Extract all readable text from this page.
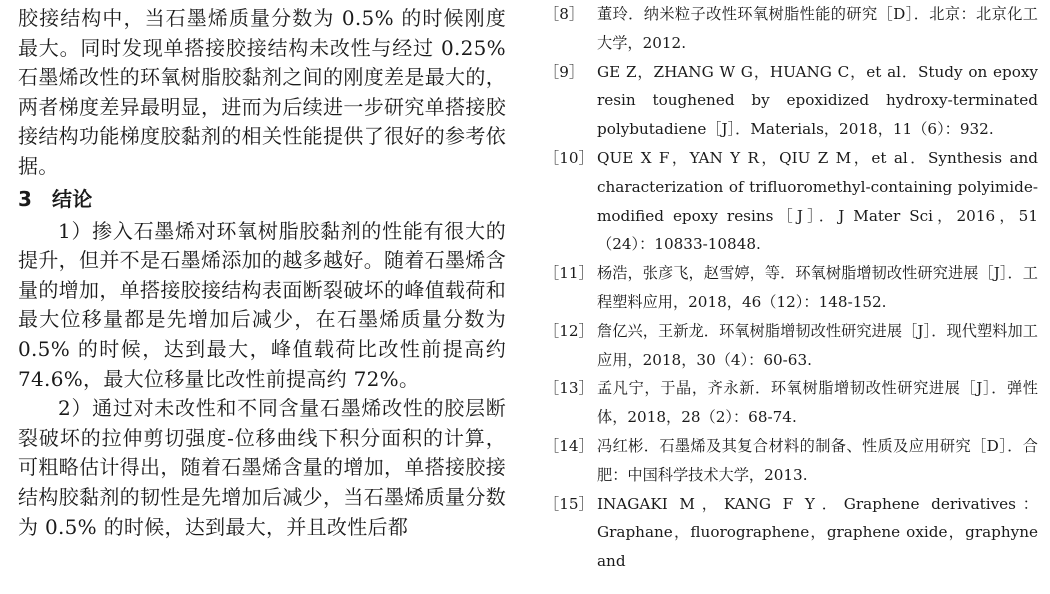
胶接结构中，当石墨烯质量分数为 0.5% 的时候刚度最大。同时发现单搭接胶接结构未改性与经过 0.25% 石墨烯改性的环氧树脂胶黏剂之间的刚度差是最大的，两者梯度差异最明显，进而为后续进一步研究单搭接胶接结构功能梯度胶黏剂的相关性能提供了很好的参考依据。

3 结论

1）掺入石墨烯对环氧树脂胶黏剂的性能有很大的提升，但并不是石墨烯添加的越多越好。随着石墨烯含量的增加，单搭接胶接结构表面断裂破坏的峰值载荷和最大位移量都是先增加后减少，在石墨烯质量分数为 0.5% 的时候，达到最大，峰值载荷比改性前提高约 74.6%，最大位移量比改性前提高约 72%。

2）通过对未改性和不同含量石墨烯改性的胶层断裂破坏的拉伸剪切强度-位移曲线下积分面积的计算，可粗略估计得出，随着石墨烯含量的增加，单搭接胶接结构胶黏剂的韧性是先增加后减少，当石墨烯质量分数为 0.5% 的时候，达到最大，并且改性后都

［8］ 董玲．纳米粒子改性环氧树脂性能的研究［D］．北京：北京化工大学，2012.
［9］ GE Z，ZHANG W G，HUANG C，et al．Study on epoxy resin toughened by epoxidized hydroxy-terminated polybutadiene［J］．Materials，2018，11（6）：932.
［10］ QUE X F，YAN Y R，QIU Z M，et al．Synthesis and characterization of trifluoromethyl-containing polyimide-modified epoxy resins［J］．J Mater Sci，2016，51（24）：10833-10848.
［11］ 杨浩，张彦飞，赵雪婷，等．环氧树脂增韧改性研究进展［J］．工程塑料应用，2018，46（12）：148-152.
［12］ 詹亿兴，王新龙．环氧树脂增韧改性研究进展［J］．现代塑料加工应用，2018，30（4）：60-63.
［13］ 孟凡宁，于晶，齐永新．环氧树脂增韧改性研究进展［J］．弹性体，2018，28（2）：68-74.
［14］ 冯红彬．石墨烯及其复合材料的制备、性质及应用研究［D］．合肥：中国科学技术大学，2013.
［15］ INAGAKI M，KANG F Y．Graphene derivatives：Graphane，fluorographene，graphene oxide，graphyne and
